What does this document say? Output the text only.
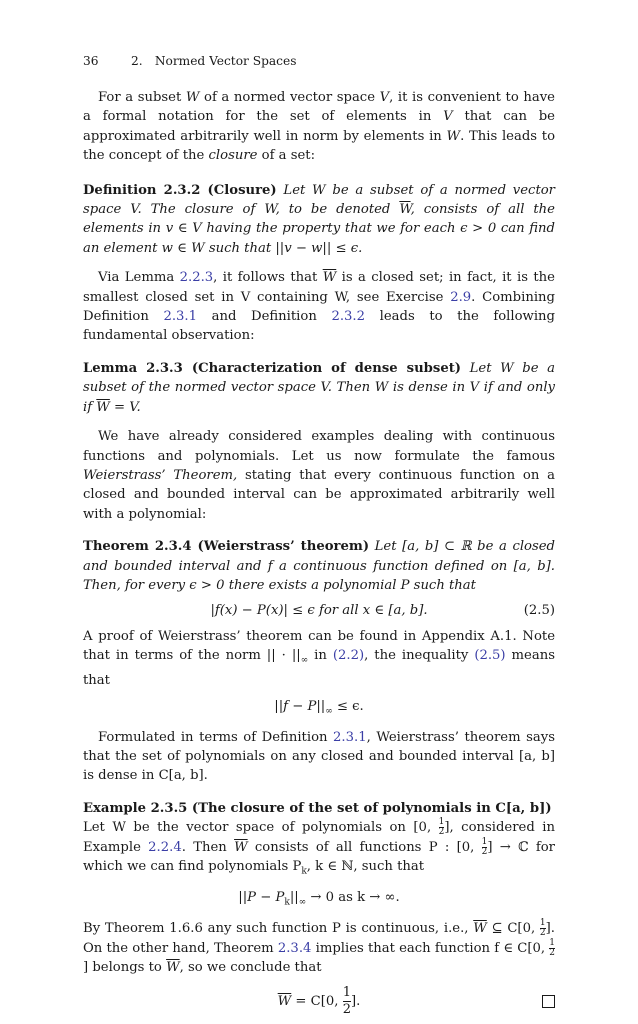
36	2. Normed Vector Spaces

For a subset W of a normed vector space V, it is convenient to have a formal notation for the set of elements in V that can be approximated arbitrarily well in norm by elements in W. This leads to the concept of the closure of a set:

Definition 2.3.2 (Closure) Let W be a subset of a normed vector space V. The closure of W, to be denoted $\overline{W}$, consists of all the elements in v ∈ V having the property that we for each ϵ > 0 can find an element w ∈ W such that ||v − w|| ≤ ϵ.

Via Lemma 2.2.3, it follows that $\overline{W}$ is a closed set; in fact, it is the smallest closed set in V containing W, see Exercise 2.9. Combining Definition 2.3.1 and Definition 2.3.2 leads to the following fundamental observation:

Lemma 2.3.3 (Characterization of dense subset) Let W be a subset of the normed vector space V. Then W is dense in V if and only if $\overline{W} = V$.

We have already considered examples dealing with continuous functions and polynomials. Let us now formulate the famous Weierstrass’ Theorem, stating that every continuous function on a closed and bounded interval can be approximated arbitrarily well with a polynomial:

Theorem 2.3.4 (Weierstrass’ theorem) Let [a, b] ⊂ ℝ be a closed and bounded interval and f a continuous function defined on [a, b]. Then, for every ϵ > 0 there exists a polynomial P such that

|f(x) − P(x)| ≤ ϵ for all x ∈ [a, b].	(2.5)

A proof of Weierstrass’ theorem can be found in Appendix A.1. Note that in terms of the norm || · $||_\infty$ in (2.2), the inequality (2.5) means that

$||f - P||_\infty \le \epsilon$.

Formulated in terms of Definition 2.3.1, Weierstrass’ theorem says that the set of polynomials on any closed and bounded interval [a, b] is dense in C[a, b].

Example 2.3.5 (The closure of the set of polynomials in C[a, b])

Let W be the vector space of polynomials on [0, $\frac{1}{2}$ ], considered in Example 2.2.4. Then $\overline{W}$ consists of all functions P : [0, $\frac{1}{2}$ ] → ℂ for which we can find polynomials $P_k$, k ∈ ℕ, such that

$||P - P_k||_\infty \to 0$ as k → ∞.

By Theorem 1.6.6 any such function P is continuous, i.e., $\overline{W}$ ⊆ C[0, $\frac{1}{2}$ ]. On the other hand, Theorem 2.3.4 implies that each function f ∈ C[0, $\frac{1}{2}$
] belongs to $\overline{W}$, so we conclude that

$\overline{W} = C[0$, $\frac{1}{2}$ ].
